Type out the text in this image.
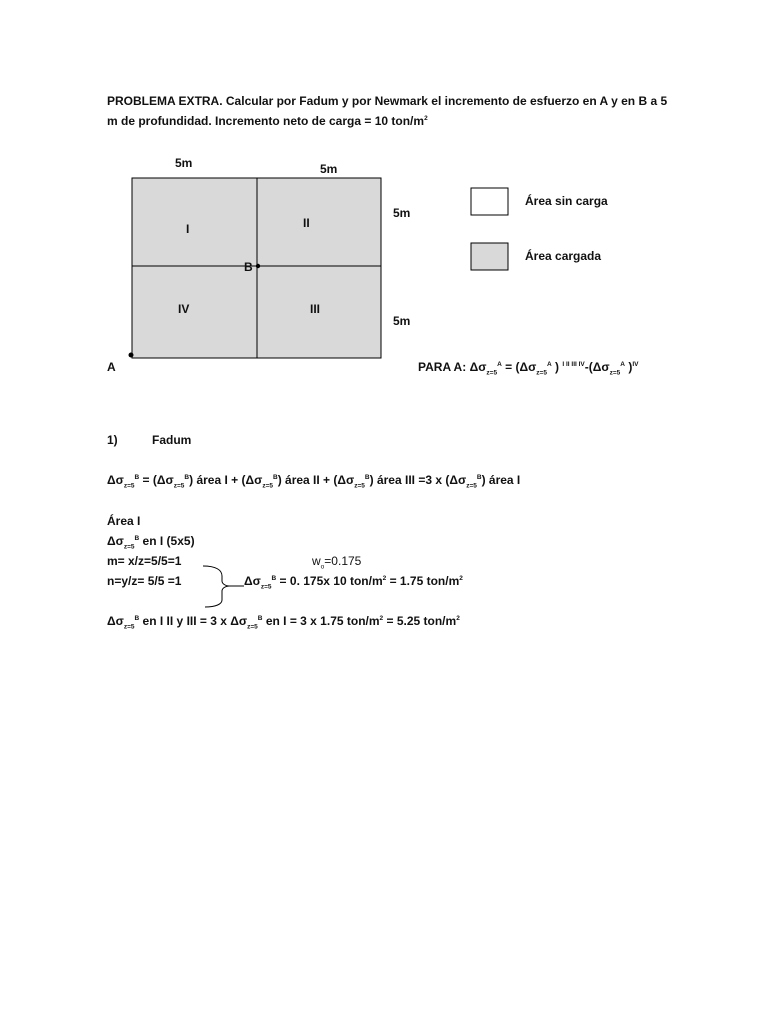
PROBLEMA EXTRA. Calcular por Fadum y por Newmark el incremento de esfuerzo en A y en B a 5
m de profundidad. Incremento neto de carga = 10 ton/$m^2$
5m	5m
5m
5m
I	II
III
IV
B
A
Área sin carga
Área cargada
PARA A: $\Delta\sigma_{z=5}^A = (\Delta\sigma_{z=5}^A$ ) $^{I II III IV}-(\Delta\sigma_{z=5}^A$ )$^{IV}$
1)	Fadum
$\Delta\sigma_{z=5}^B = (\Delta\sigma_{z=5}^B)$ área $I + (\Delta\sigma_{z=5}^B)$ área II + $(\Delta\sigma_{z=5}^B)$ área III =3 x $(\Delta\sigma_{z=5}^B)$ área I
Área I
$\Delta\sigma_{z=5}^B$ en I (5x5)
m= x/z=5/5=1	$w_o=0.175$
n=y/z= 5/5 =1	$\Delta\sigma_{z=5}^B = 0$. 175x 10 ton/$m^2 = 1.75$ ton/$m^2$
$\Delta\sigma_{z=5}^B$ en I II y III = 3 x $\Delta\sigma_{z=5}^B$ en I = 3 x 1.75 ton/$m^2 = 5.25$ ton/$m^2$
